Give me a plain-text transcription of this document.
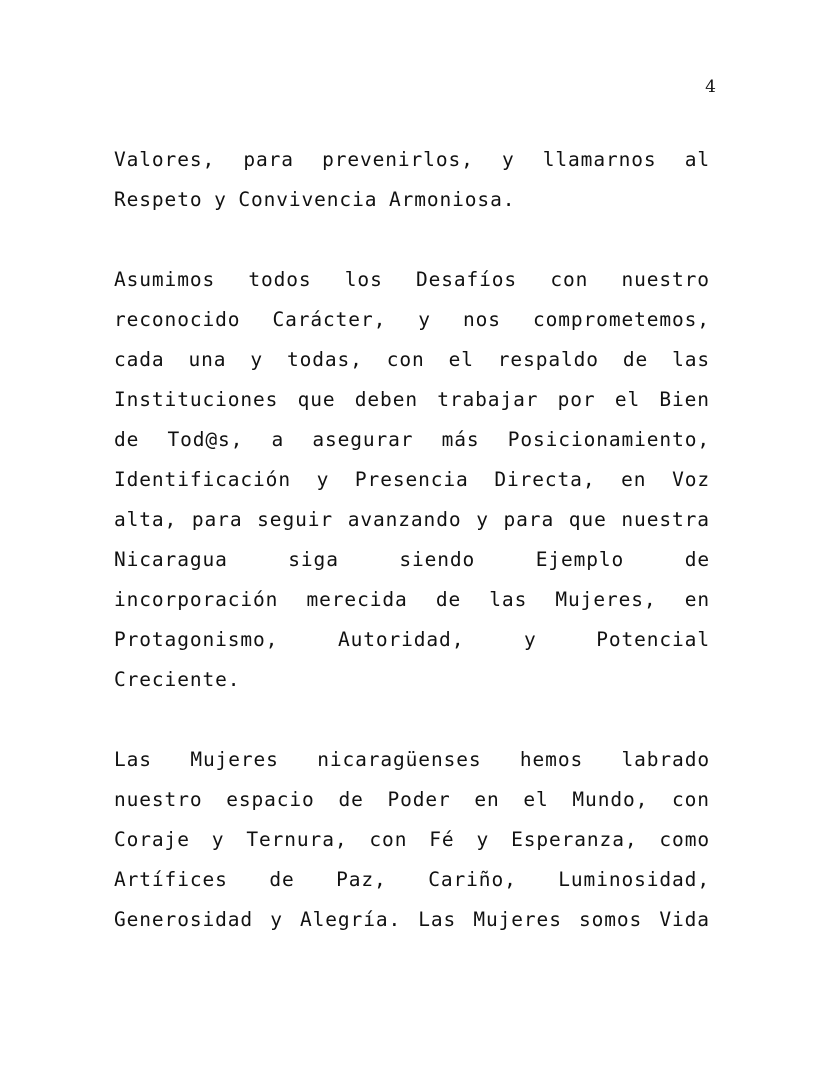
4
Valores, para prevenirlos, y llamarnos al
Respeto
y
Convivencia
Armoniosa.
Asumimos todos los Desafíos con nuestro
reconocido Carácter, y nos comprometemos,
cada una y todas, con el respaldo de las
Instituciones que deben trabajar por el Bien
de Tod@s, a asegurar más Posicionamiento,
Identificación y Presencia Directa, en Voz
alta, para seguir avanzando y para que nuestra
Nicaragua	siga	siendo	Ejemplo	de
incorporación merecida de las Mujeres, en
Protagonismo,	Autoridad,	y	Potencial
Creciente.
Las Mujeres nicaragüenses hemos labrado
nuestro espacio de Poder en el Mundo, con
Coraje y Ternura, con Fé y Esperanza, como
Artífices de Paz, Cariño, Luminosidad,
Generosidad y Alegría. Las Mujeres somos Vida
